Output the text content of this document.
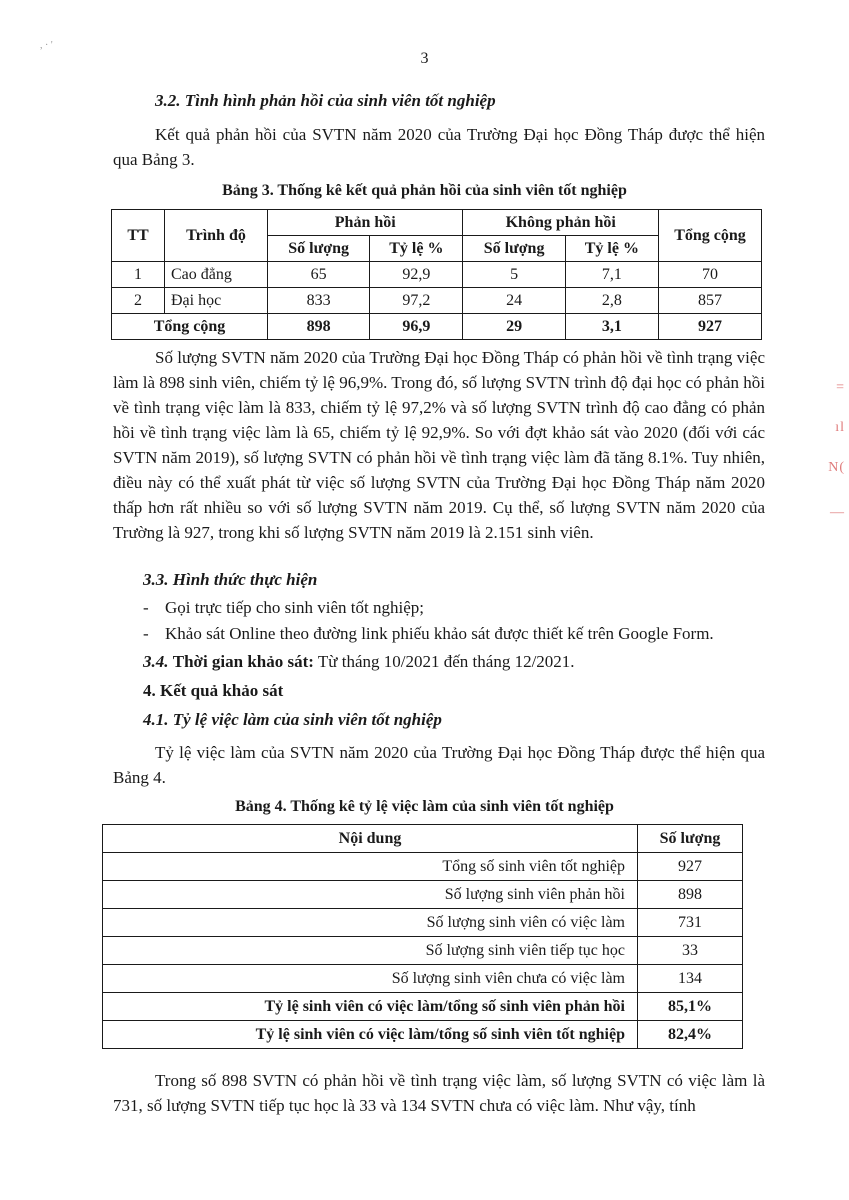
, · '
3
3.2. Tình hình phản hồi của sinh viên tốt nghiệp

Kết quả phản hồi của SVTN năm 2020 của Trường Đại học Đồng Tháp được thể hiện qua Bảng 3.

Bảng 3. Thống kê kết quả phản hồi của sinh viên tốt nghiệp
TT	Trình độ	Phản hồi		Không phản hồi		Tổng cộng
		Số lượng	Tỷ lệ %	Số lượng	Tỷ lệ %	
1	Cao đẳng	65	92,9	5	7,1	70
2	Đại học	833	97,2	24	2,8	857
Tổng cộng		898	96,9	29	3,1	927

Số lượng SVTN năm 2020 của Trường Đại học Đồng Tháp có phản hồi về tình trạng việc làm là 898 sinh viên, chiếm tỷ lệ 96,9%. Trong đó, số lượng SVTN trình độ đại học có phản hồi về tình trạng việc làm là 833, chiếm tỷ lệ 97,2% và số lượng SVTN trình độ cao đẳng có phản hồi về tình trạng việc làm là 65, chiếm tỷ lệ 92,9%. So với đợt khảo sát vào 2020 (đối với các SVTN năm 2019), số lượng SVTN có phản hồi về tình trạng việc làm đã tăng 8.1%. Tuy nhiên, điều này có thể xuất phát từ việc số lượng SVTN của Trường Đại học Đồng Tháp năm 2020 thấp hơn rất nhiều so với số lượng SVTN năm 2019. Cụ thể, số lượng SVTN năm 2020 của Trường là 927, trong khi số lượng SVTN năm 2019 là 2.151 sinh viên.

3.3. Hình thức thực hiện
- Gọi trực tiếp cho sinh viên tốt nghiệp;
- Khảo sát Online theo đường link phiếu khảo sát được thiết kế trên Google Form.
3.4. Thời gian khảo sát: Từ tháng 10/2021 đến tháng 12/2021.
4. Kết quả khảo sát
4.1. Tỷ lệ việc làm của sinh viên tốt nghiệp

Tỷ lệ việc làm của SVTN năm 2020 của Trường Đại học Đồng Tháp được thể hiện qua Bảng 4.

Bảng 4. Thống kê tỷ lệ việc làm của sinh viên tốt nghiệp
Nội dung	Số lượng
Tổng số sinh viên tốt nghiệp	927
Số lượng sinh viên phản hồi	898
Số lượng sinh viên có việc làm	731
Số lượng sinh viên tiếp tục học	33
Số lượng sinh viên chưa có việc làm	134
Tỷ lệ sinh viên có việc làm/tổng số sinh viên phản hồi	85,1%
Tỷ lệ sinh viên có việc làm/tổng số sinh viên tốt nghiệp	82,4%

Trong số 898 SVTN có phản hồi về tình trạng việc làm, số lượng SVTN có việc làm là 731, số lượng SVTN tiếp tục học là 33 và 134 SVTN chưa có việc làm. Như vậy, tính

=
ıl
N(
—
